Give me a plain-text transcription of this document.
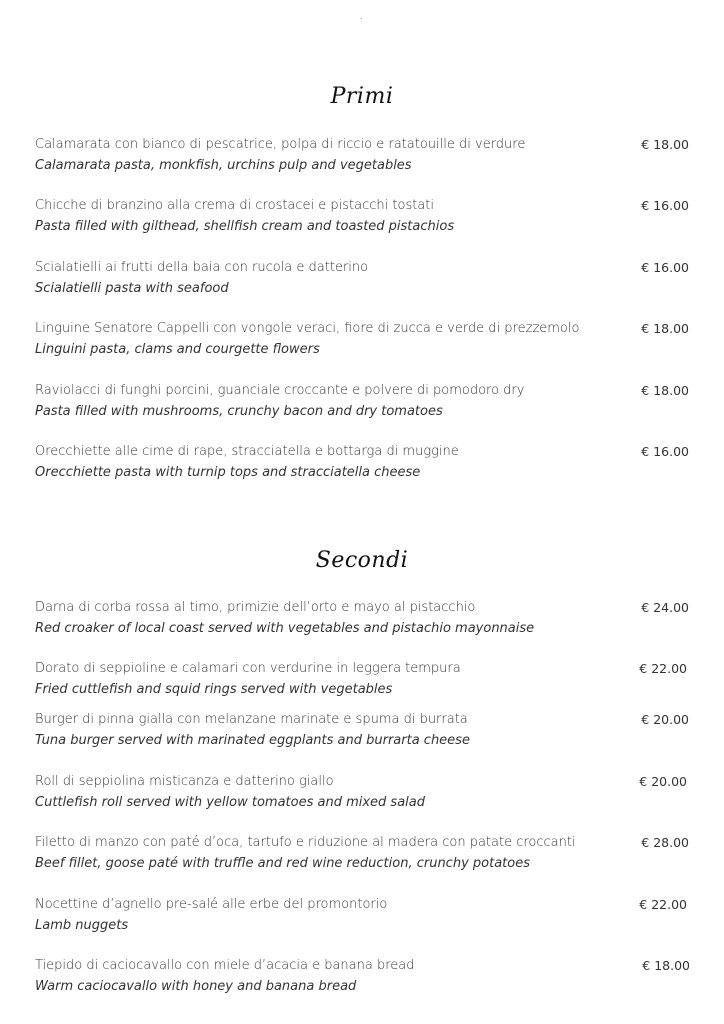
.
Primi
Calamarata con bianco di pescatrice, polpa di riccio e ratatouille di verdure
Calamarata pasta, monkfish, urchins pulp and vegetables
€ 18.00
Chicche di branzino alla crema di crostacei e pistacchi tostati
Pasta filled with gilthead, shellfish cream and toasted pistachios
€ 16.00
Scialatielli ai frutti della baia con rucola e datterino
Scialatielli pasta with seafood
€ 16.00
Linguine Senatore Cappelli con vongole veraci, fiore di zucca e verde di prezzemolo
Linguini pasta, clams and courgette flowers
€ 18.00
Raviolacci di funghi porcini, guanciale croccante e polvere di pomodoro dry
Pasta filled with mushrooms, crunchy bacon and dry tomatoes
€ 18.00
Orecchiette alle cime di rape, stracciatella e bottarga di muggine
Orecchiette pasta with turnip tops and stracciatella cheese
€ 16.00
Secondi
Darna di corba rossa al timo, primizie dell’orto e mayo al pistacchio
Red croaker of local coast served with vegetables and pistachio mayonnaise
€ 24.00
Dorato di seppioline e calamari con verdurine in leggera tempura
Fried cuttlefish and squid rings served with vegetables
€ 22.00
Burger di pinna gialla con melanzane marinate e spuma di burrata
Tuna burger served with marinated eggplants and burrarta cheese
€ 20.00
Roll di seppiolina misticanza e datterino giallo
Cuttlefish roll served with yellow tomatoes and mixed salad
€ 20.00
Filetto di manzo con paté d’oca, tartufo e riduzione al madera con patate croccanti
Beef fillet, goose paté with truffle and red wine reduction, crunchy potatoes
€ 28.00
Nocettine d’agnello pre-salé alle erbe del promontorio
Lamb nuggets
€ 22.00
Tiepido di caciocavallo con miele d’acacia e banana bread
Warm caciocavallo with honey and banana bread
€ 18.00
